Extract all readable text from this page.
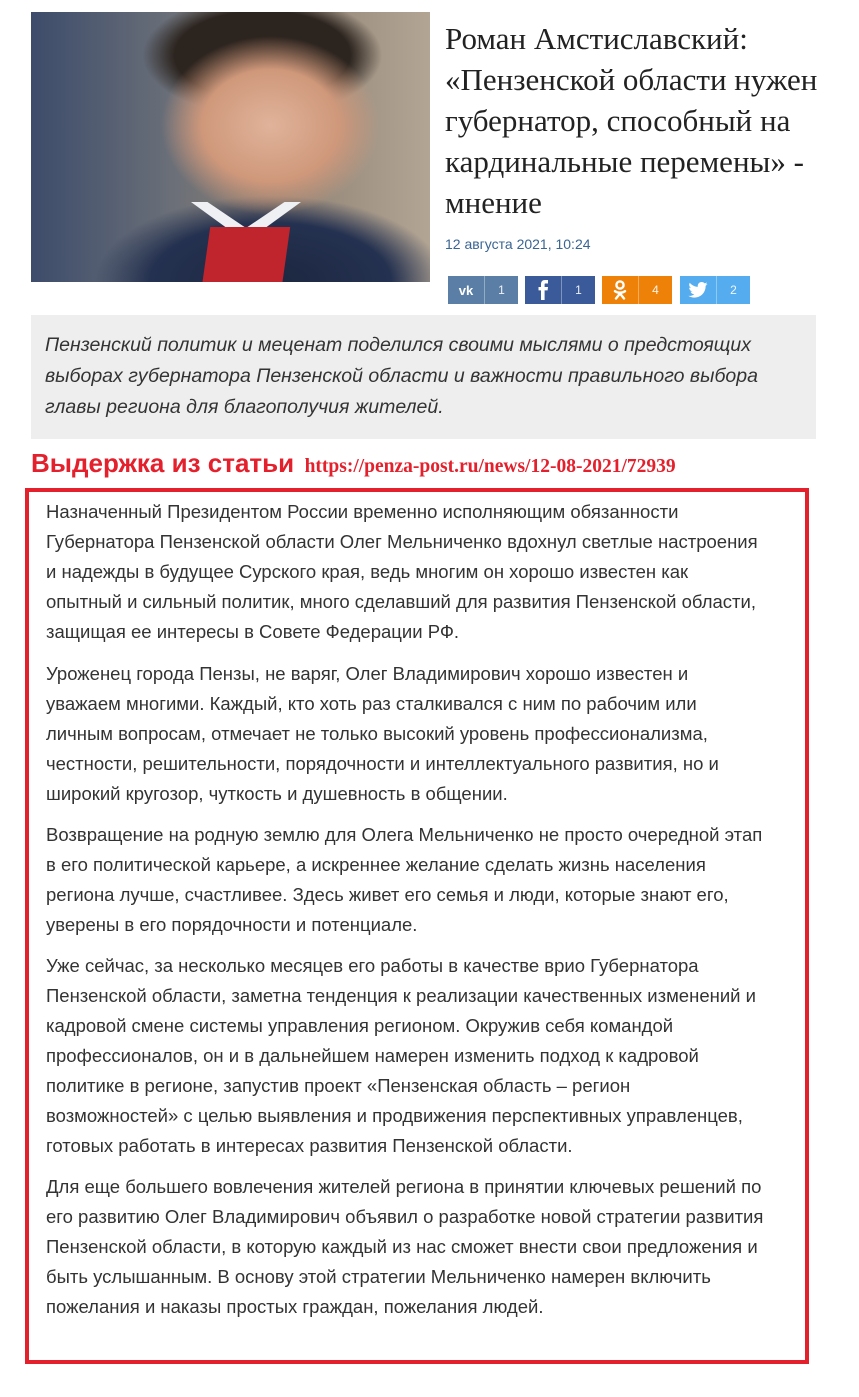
Роман Амстиславский: «Пензенской области нужен губернатор, способный на кардинальные перемены» - мнение
12 августа 2021, 10:24
vk	1	1	4	2
Пензенский политик и меценат поделился своими мыслями о предстоящих выборах губернатора Пензенской области и важности правильного выбора главы региона для благополучия жителей.
Выдержка из статьи https://penza-post.ru/news/12-08-2021/72939

Назначенный Президентом России временно исполняющим обязанности Губернатора Пензенской области Олег Мельниченко вдохнул светлые настроения и надежды в будущее Сурского края, ведь многим он хорошо известен как опытный и сильный политик, много сделавший для развития Пензенской области, защищая ее интересы в Совете Федерации РФ.

Уроженец города Пензы, не варяг, Олег Владимирович хорошо известен и уважаем многими. Каждый, кто хоть раз сталкивался с ним по рабочим или личным вопросам, отмечает не только высокий уровень профессионализма, честности, решительности, порядочности и интеллектуального развития, но и широкий кругозор, чуткость и душевность в общении.

Возвращение на родную землю для Олега Мельниченко не просто очередной этап в его политической карьере, а искреннее желание сделать жизнь населения региона лучше, счастливее. Здесь живет его семья и люди, которые знают его, уверены в его порядочности и потенциале.

Уже сейчас, за несколько месяцев его работы в качестве врио Губернатора Пензенской области, заметна тенденция к реализации качественных изменений и кадровой смене системы управления регионом. Окружив себя командой профессионалов, он и в дальнейшем намерен изменить подход к кадровой политике в регионе, запустив проект «Пензенская область – регион возможностей» с целью выявления и продвижения перспективных управленцев, готовых работать в интересах развития Пензенской области.

Для еще большего вовлечения жителей региона в принятии ключевых решений по его развитию Олег Владимирович объявил о разработке новой стратегии развития Пензенской области, в которую каждый из нас сможет внести свои предложения и быть услышанным. В основу этой стратегии Мельниченко намерен включить пожелания и наказы простых граждан, пожелания людей.
